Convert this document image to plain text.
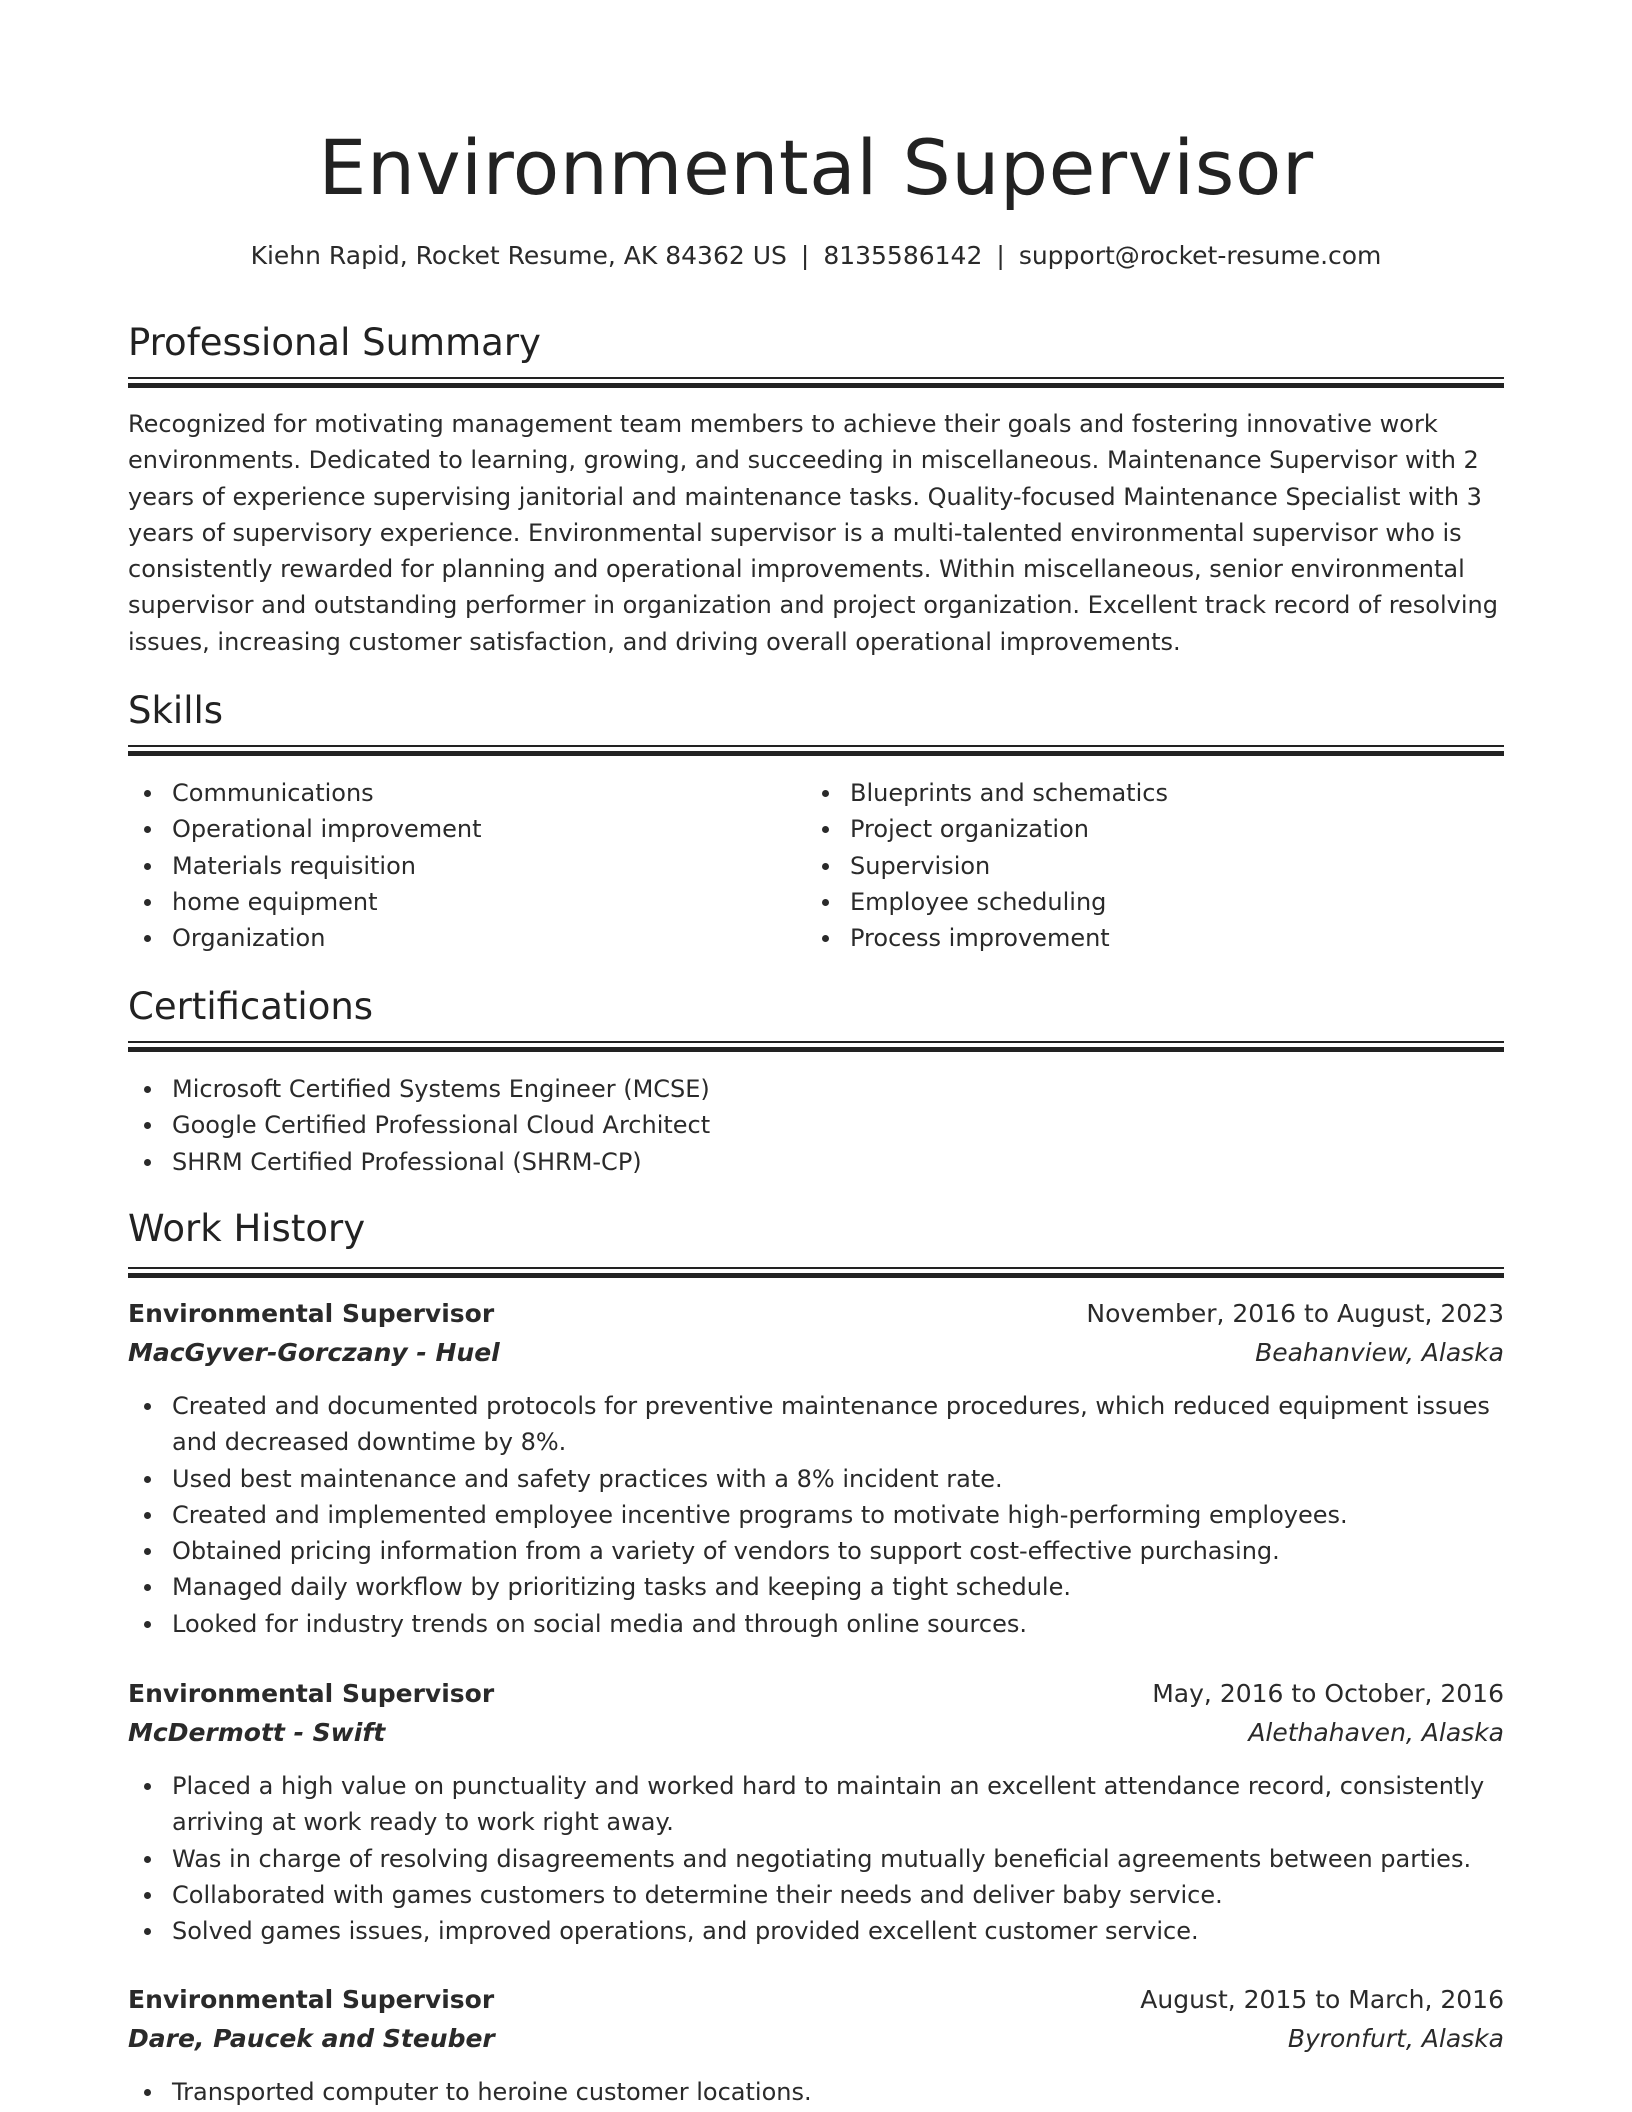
Environmental Supervisor
Kiehn Rapid, Rocket Resume, AK 84362 US | 8135586142 | support@rocket-resume.com
Professional Summary

Recognized for motivating management team members to achieve their goals and fostering innovative work environments. Dedicated to learning, growing, and succeeding in miscellaneous. Maintenance Supervisor with 2 years of experience supervising janitorial and maintenance tasks. Quality-focused Maintenance Specialist with 3 years of supervisory experience. Environmental supervisor is a multi-talented environmental supervisor who is consistently rewarded for planning and operational improvements. Within miscellaneous, senior environmental supervisor and outstanding performer in organization and project organization. Excellent track record of resolving issues, increasing customer satisfaction, and driving overall operational improvements.

Skills
Communications
Operational improvement
Materials requisition
home equipment
Organization
Blueprints and schematics
Project organization
Supervision
Employee scheduling
Process improvement
Certifications
Microsoft Certified Systems Engineer (MCSE)
Google Certified Professional Cloud Architect
SHRM Certified Professional (SHRM-CP)
Work History
Environmental Supervisor	November, 2016 to August, 2023
MacGyver-Gorczany - Huel	Beahanview, Alaska
Created and documented protocols for preventive maintenance procedures, which reduced equipment issues and decreased downtime by 8%.
Used best maintenance and safety practices with a 8% incident rate.
Created and implemented employee incentive programs to motivate high-performing employees.
Obtained pricing information from a variety of vendors to support cost-effective purchasing.
Managed daily workflow by prioritizing tasks and keeping a tight schedule.
Looked for industry trends on social media and through online sources.
Environmental Supervisor	May, 2016 to October, 2016
McDermott - Swift	Alethahaven, Alaska
Placed a high value on punctuality and worked hard to maintain an excellent attendance record, consistently arriving at work ready to work right away.
Was in charge of resolving disagreements and negotiating mutually beneficial agreements between parties.
Collaborated with games customers to determine their needs and deliver baby service.
Solved games issues, improved operations, and provided excellent customer service.
Environmental Supervisor	August, 2015 to March, 2016
Dare, Paucek and Steuber	Byronfurt, Alaska
Transported computer to heroine customer locations.
